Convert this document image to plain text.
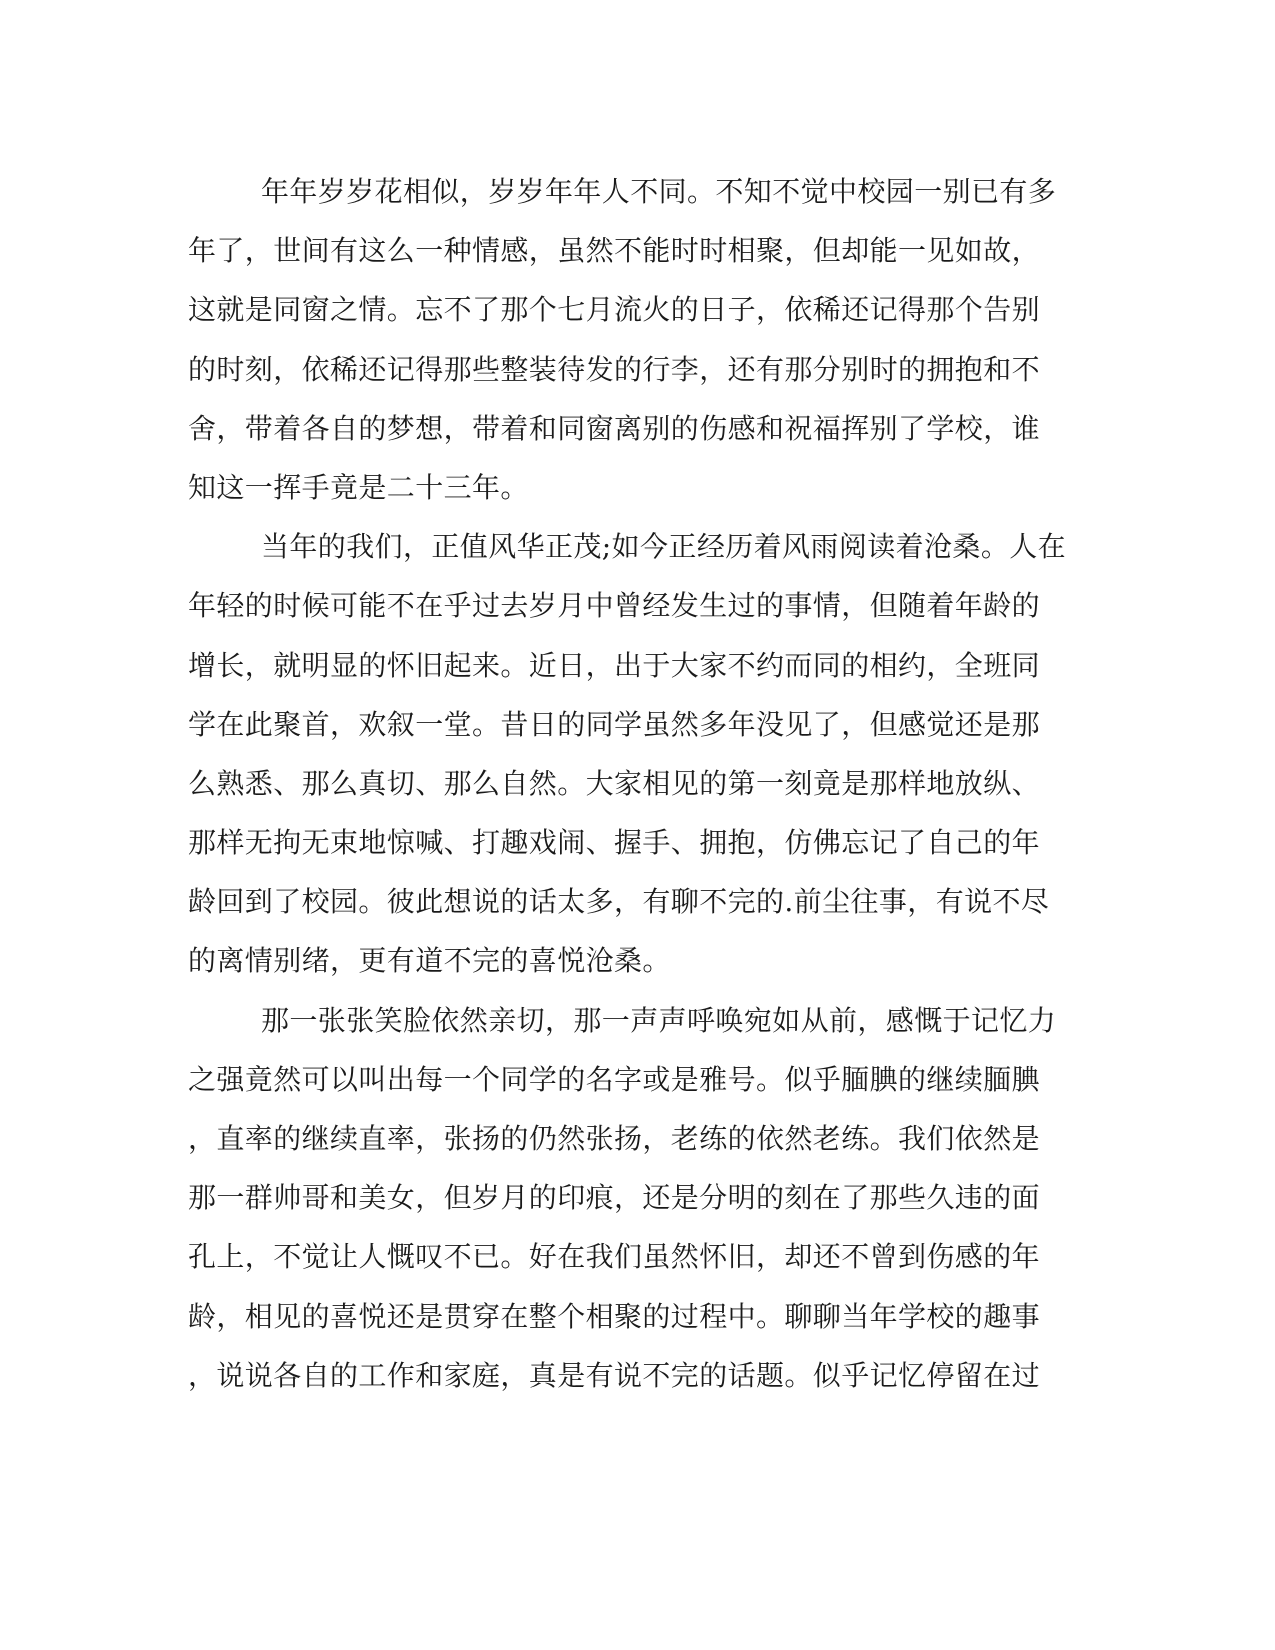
年年岁岁花相似，岁岁年年人不同。不知不觉中校园一别已有多
年了，世间有这么一种情感，虽然不能时时相聚，但却能一见如故，
这就是同窗之情。忘不了那个七月流火的日子，依稀还记得那个告别
的时刻，依稀还记得那些整装待发的行李，还有那分别时的拥抱和不
舍，带着各自的梦想，带着和同窗离别的伤感和祝福挥别了学校，谁
知这一挥手竟是二十三年。
当年的我们，正值风华正茂;如今正经历着风雨阅读着沧桑。人在
年轻的时候可能不在乎过去岁月中曾经发生过的事情，但随着年龄的
增长，就明显的怀旧起来。近日，出于大家不约而同的相约，全班同
学在此聚首，欢叙一堂。昔日的同学虽然多年没见了，但感觉还是那
么熟悉、那么真切、那么自然。大家相见的第一刻竟是那样地放纵、
那样无拘无束地惊喊、打趣戏闹、握手、拥抱，仿佛忘记了自己的年
龄回到了校园。彼此想说的话太多，有聊不完的.前尘往事，有说不尽
的离情别绪，更有道不完的喜悦沧桑。
那一张张笑脸依然亲切，那一声声呼唤宛如从前，感慨于记忆力
之强竟然可以叫出每一个同学的名字或是雅号。似乎腼腆的继续腼腆
，直率的继续直率，张扬的仍然张扬，老练的依然老练。我们依然是
那一群帅哥和美女，但岁月的印痕，还是分明的刻在了那些久违的面
孔上，不觉让人慨叹不已。好在我们虽然怀旧，却还不曾到伤感的年
龄，相见的喜悦还是贯穿在整个相聚的过程中。聊聊当年学校的趣事
，说说各自的工作和家庭，真是有说不完的话题。似乎记忆停留在过
